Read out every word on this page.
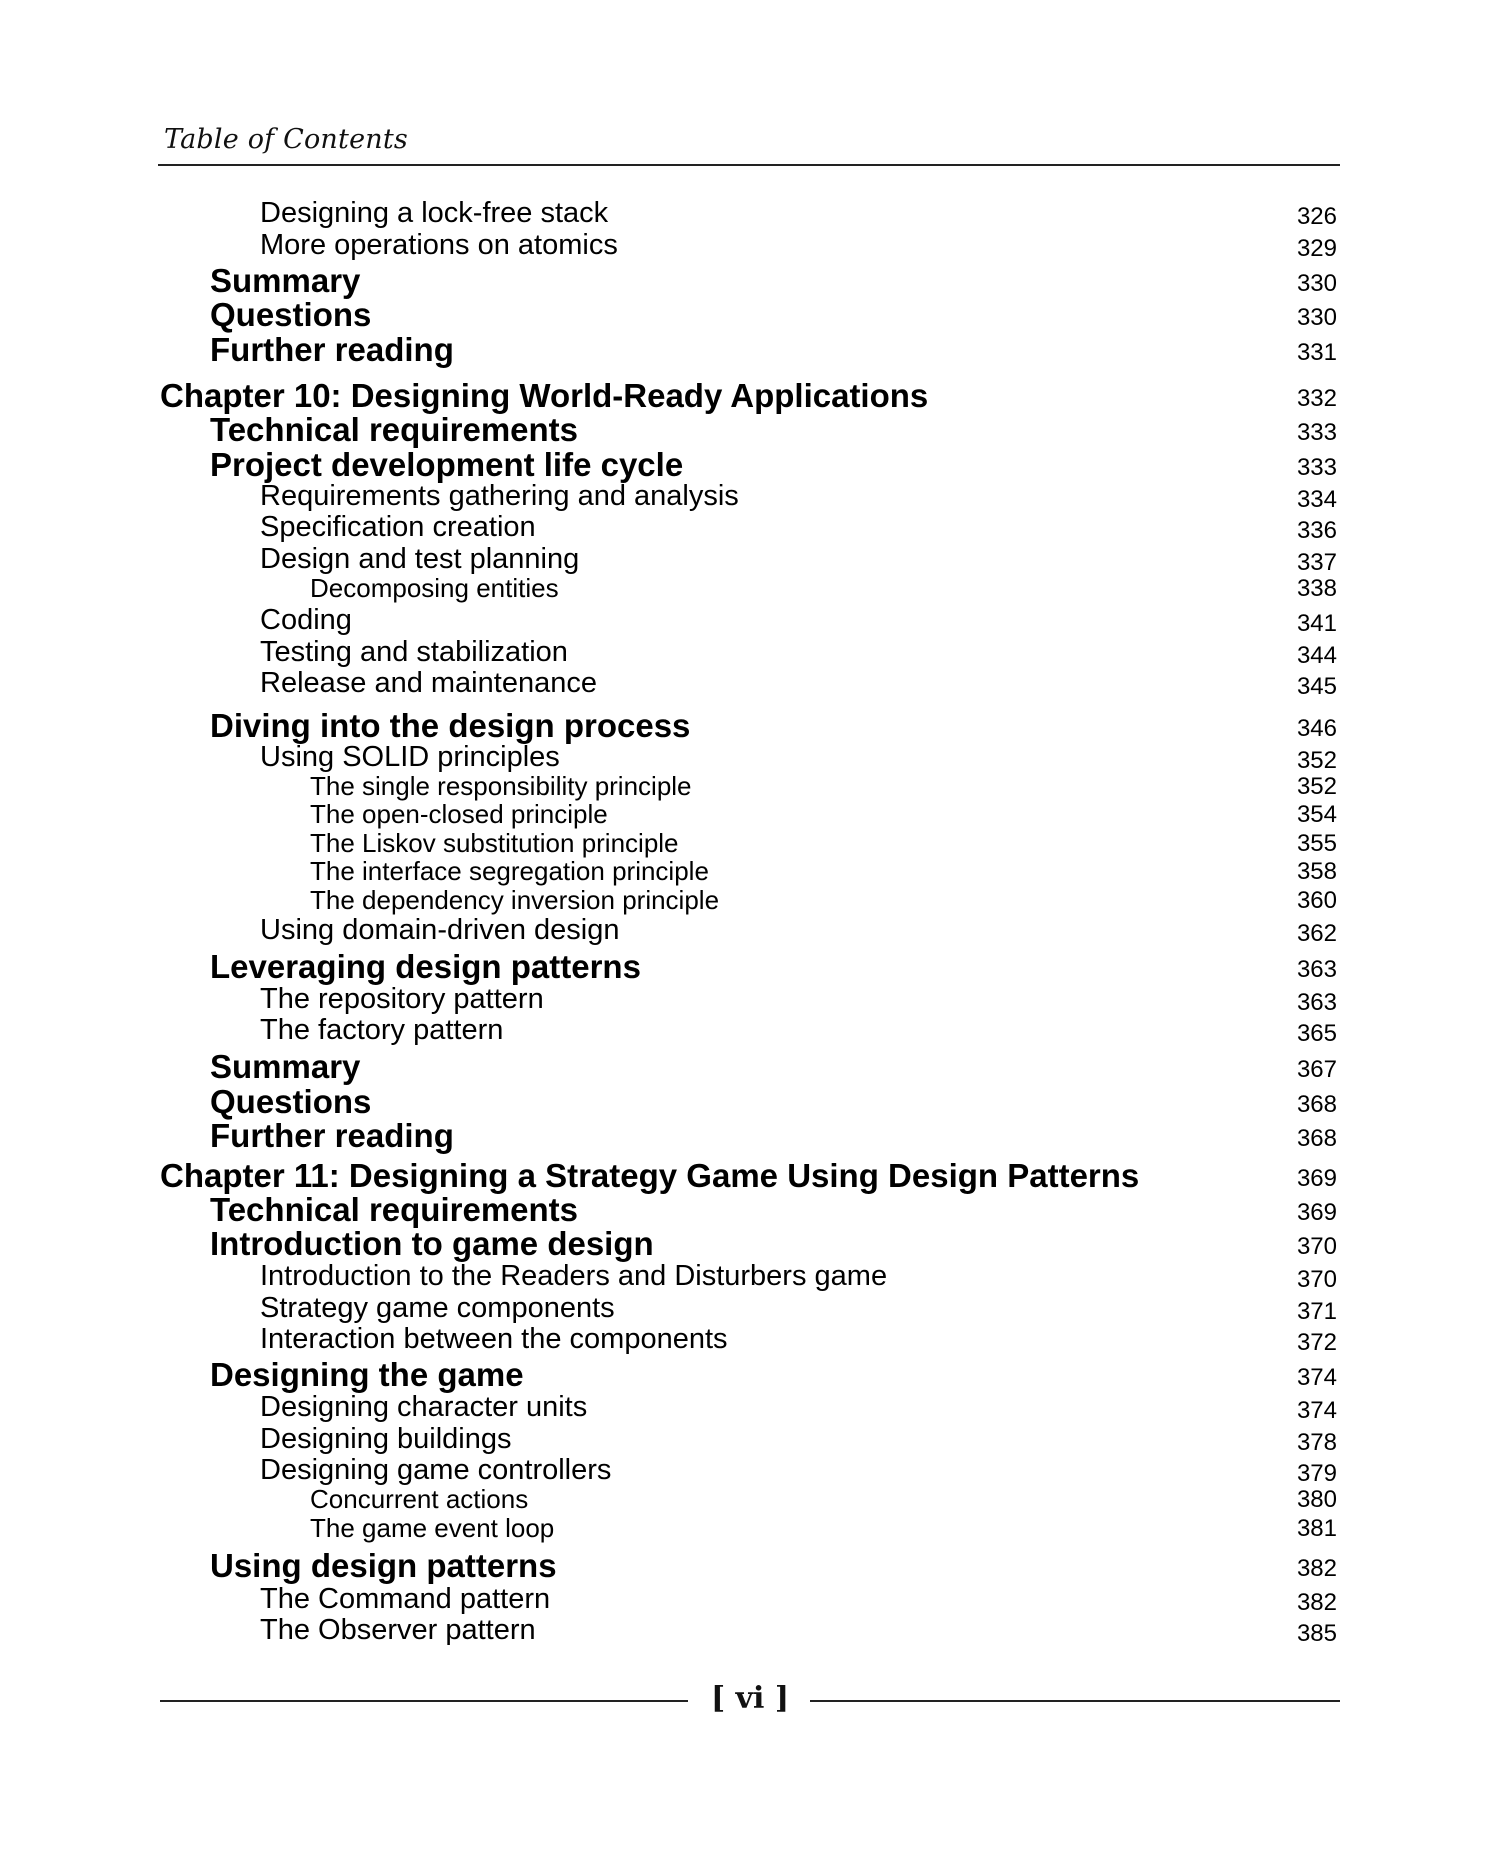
Table of Contents
Designing a lock-free stack	326
More operations on atomics	329
Summary	330
Questions	330
Further reading	331
Chapter 10: Designing World-Ready Applications	332
Technical requirements	333
Project development life cycle	333
Requirements gathering and analysis	334
Specification creation	336
Design and test planning	337
Decomposing entities	338
Coding	341
Testing and stabilization	344
Release and maintenance	345
Diving into the design process	346
Using SOLID principles	352
The single responsibility principle	352
The open-closed principle	354
The Liskov substitution principle	355
The interface segregation principle	358
The dependency inversion principle	360
Using domain-driven design	362
Leveraging design patterns	363
The repository pattern	363
The factory pattern	365
Summary	367
Questions	368
Further reading	368
Chapter 11: Designing a Strategy Game Using Design Patterns	369
Technical requirements	369
Introduction to game design	370
Introduction to the Readers and Disturbers game	370
Strategy game components	371
Interaction between the components	372
Designing the game	374
Designing character units	374
Designing buildings	378
Designing game controllers	379
Concurrent actions	380
The game event loop	381
Using design patterns	382
The Command pattern	382
The Observer pattern	385
[ vi ]
